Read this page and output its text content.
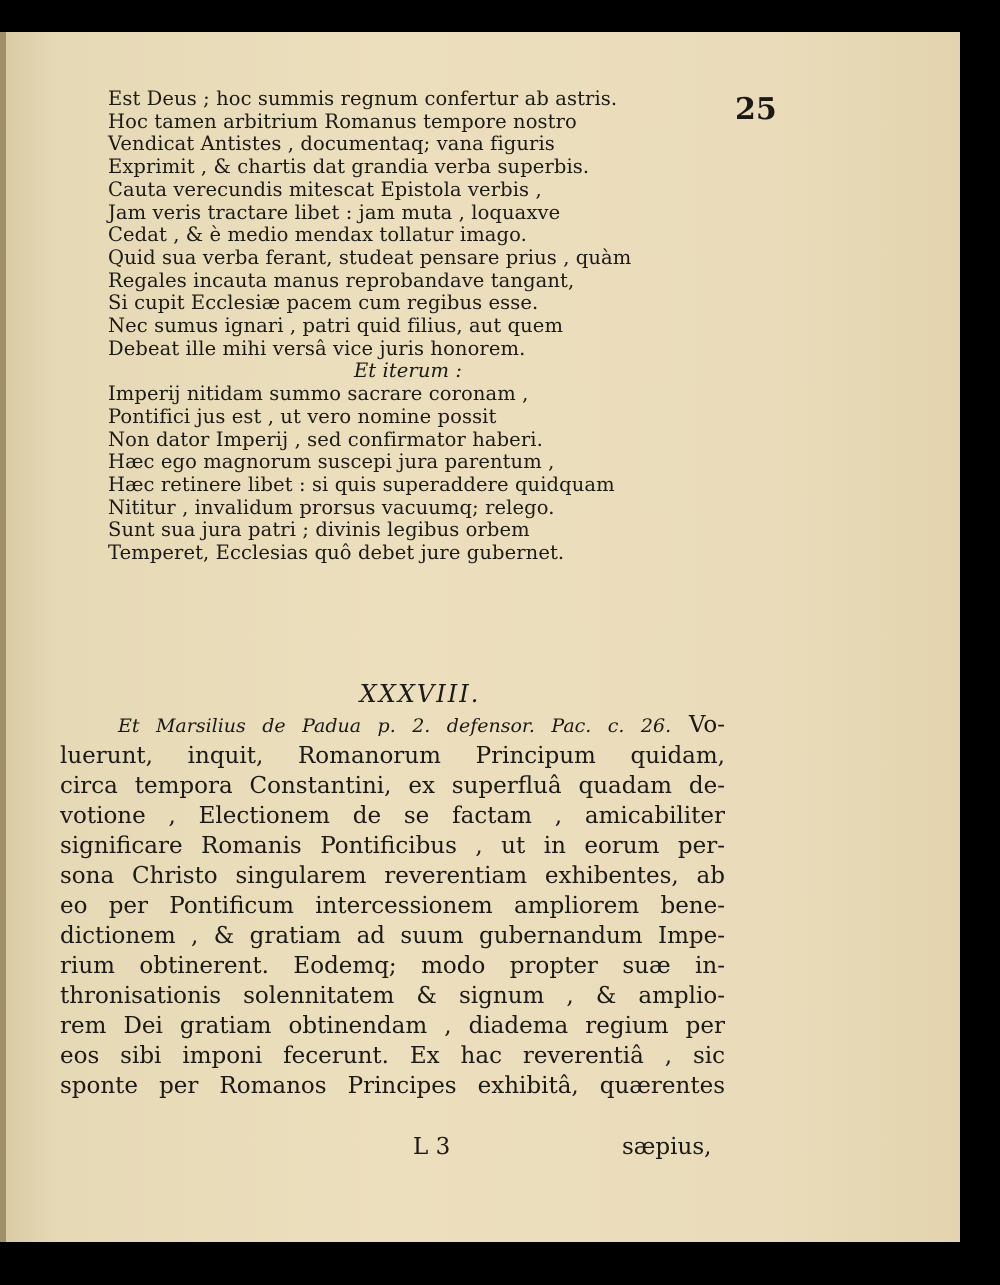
25
Est Deus ; hoc summis regnum confertur ab astris.
Hoc tamen arbitrium Romanus tempore nostro
Vendicat Antistes , documentaq; vana figuris
Exprimit , & chartis dat grandia verba superbis.
Cauta verecundis mitescat Epistola verbis ,
Jam veris tractare libet : jam muta , loquaxve
Cedat , & è medio mendax tollatur imago.
Quid sua verba ferant, studeat pensare prius , quàm
Regales incauta manus reprobandave tangant,
Si cupit Ecclesiæ pacem cum regibus esse.
Nec sumus ignari , patri quid filius, aut quem
Debeat ille mihi versâ vice juris honorem.
Et iterum :
Imperij nitidam summo sacrare coronam ,
Pontifici jus est , ut vero nomine possit
Non dator Imperij , sed confirmator haberi.
Hæc ego magnorum suscepi jura parentum ,
Hæc retinere libet : si quis superaddere quidquam
Nititur , invalidum prorsus vacuumq; relego.
Sunt sua jura patri ; divinis legibus orbem
Temperet, Ecclesias quô debet jure gubernet.
XXXVIII.
Et Marsilius de Padua p. 2. defensor. Pac. c. 26. Vo-
luerunt, inquit, Romanorum Principum quidam,
circa tempora Constantini, ex superfluâ quadam de-
votione , Electionem de se factam , amicabiliter
significare Romanis Pontificibus , ut in eorum per-
sona Christo singularem reverentiam exhibentes, ab
eo per Pontificum intercessionem ampliorem bene-
dictionem , & gratiam ad suum gubernandum Impe-
rium obtinerent. Eodemq; modo propter suæ in-
thronisationis solennitatem & signum , & amplio-
rem Dei gratiam obtinendam , diadema regium per
eos sibi imponi fecerunt. Ex hac reverentiâ , sic
sponte per Romanos Principes exhibitâ, quærentes
L 3	sæpius,
